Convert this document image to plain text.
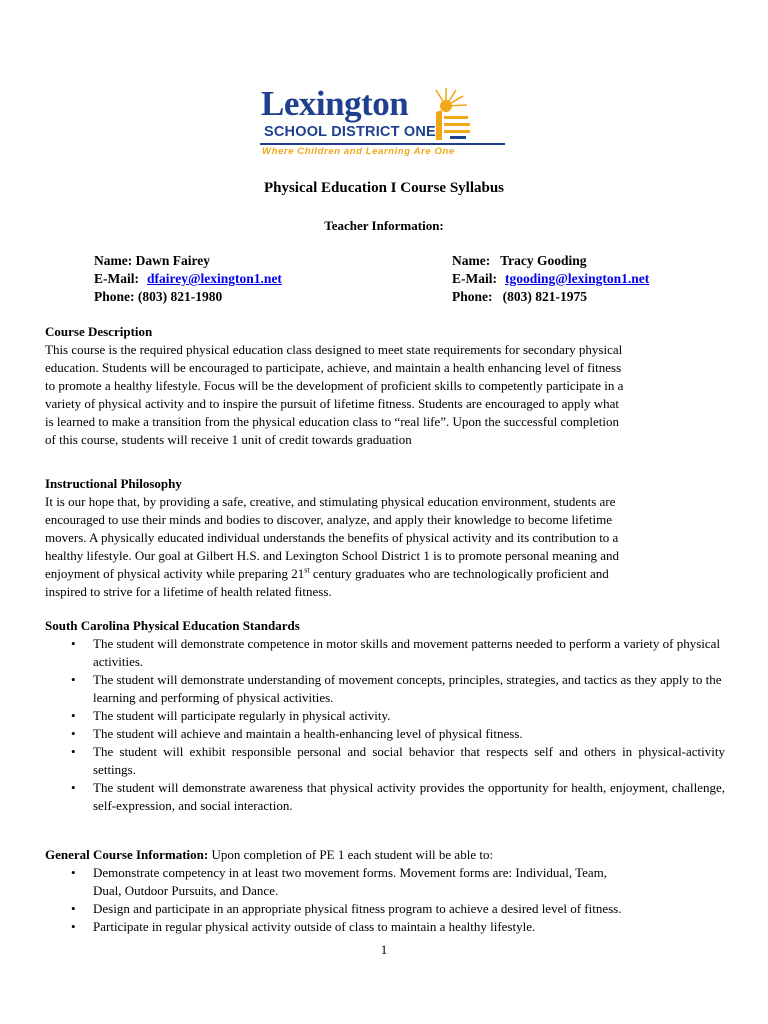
Lexington
SCHOOL DISTRICT ONE
Where Children and Learning Are One
Physical Education I Course Syllabus
Teacher Information:
Name: Dawn Fairey
E-Mail: dfairey@lexington1.net
Phone: (803) 821-1980
Name: Tracy Gooding
E-Mail: tgooding@lexington1.net
Phone: (803) 821-1975
Course Description
This course is the required physical education class designed to meet state requirements for secondary physical
education. Students will be encouraged to participate, achieve, and maintain a health enhancing level of fitness
to promote a healthy lifestyle. Focus will be the development of proficient skills to competently participate in a
variety of physical activity and to inspire the pursuit of lifetime fitness. Students are encouraged to apply what
is learned to make a transition from the physical education class to “real life”. Upon the successful completion
of this course, students will receive 1 unit of credit towards graduation
Instructional Philosophy
It is our hope that, by providing a safe, creative, and stimulating physical education environment, students are
encouraged to use their minds and bodies to discover, analyze, and apply their knowledge to become lifetime
movers. A physically educated individual understands the benefits of physical activity and its contribution to a
healthy lifestyle. Our goal at Gilbert H.S. and Lexington School District 1 is to promote personal meaning and
enjoyment of physical activity while preparing 21st century graduates who are technologically proficient and
inspired to strive for a lifetime of health related fitness.
South Carolina Physical Education Standards
• The student will demonstrate competence in motor skills and movement patterns needed to perform a variety of physical activities.
• The student will demonstrate understanding of movement concepts, principles, strategies, and tactics as they apply to the learning and performing of physical activities.
• The student will participate regularly in physical activity.
• The student will achieve and maintain a health-enhancing level of physical fitness.
• The student will exhibit responsible personal and social behavior that respects self and others in physical-activity settings.
• The student will demonstrate awareness that physical activity provides the opportunity for health, enjoyment, challenge, self-expression, and social interaction.
General Course Information: Upon completion of PE 1 each student will be able to:
• Demonstrate competency in at least two movement forms. Movement forms are: Individual, Team, Dual, Outdoor Pursuits, and Dance.
• Design and participate in an appropriate physical fitness program to achieve a desired level of fitness.
• Participate in regular physical activity outside of class to maintain a healthy lifestyle.
1
